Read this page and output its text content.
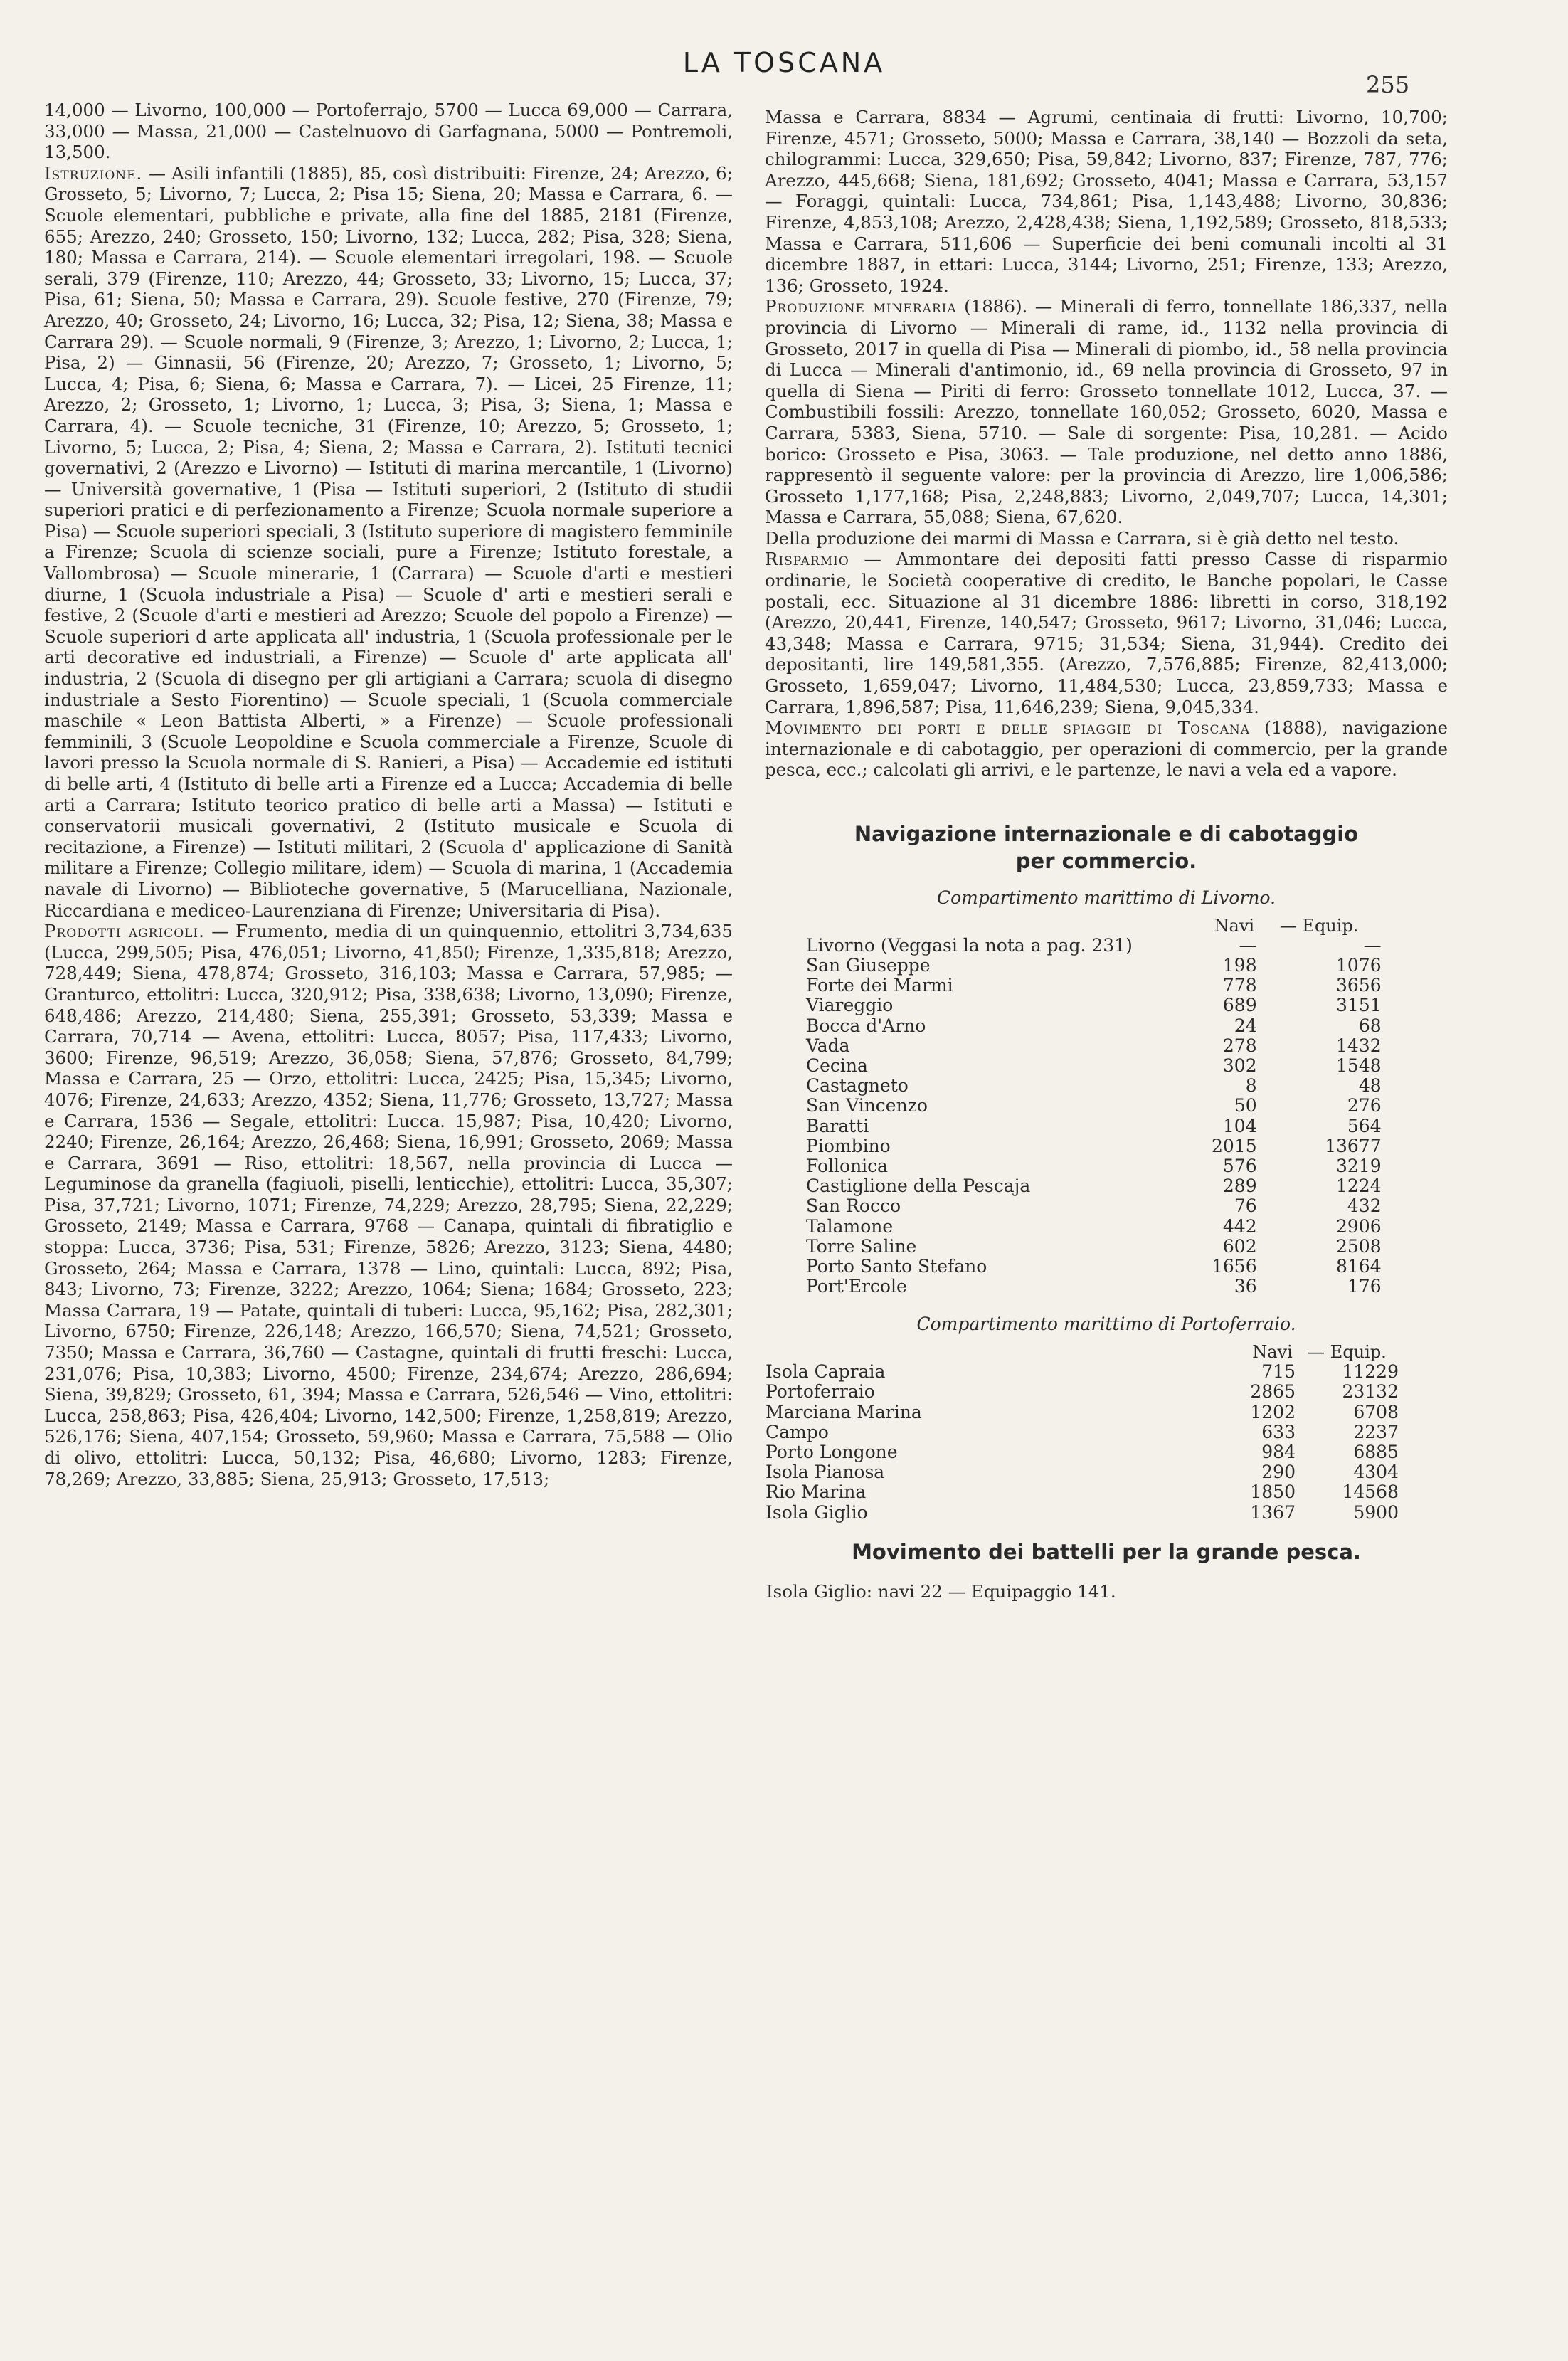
LA TOSCANA
255

14,000 — Livorno, 100,000 — Portoferrajo, 5700 — Lucca 69,000 — Carrara, 33,000 — Massa, 21,000 — Castelnuovo di Garfagnana, 5000 — Pontremoli, 13,500.

Istruzione. — Asili infantili (1885), 85, così distribuiti: Firenze, 24; Arezzo, 6; Grosseto, 5; Livorno, 7; Lucca, 2; Pisa 15; Siena, 20; Massa e Carrara, 6. — Scuole elementari, pubbliche e private, alla fine del 1885, 2181 (Firenze, 655; Arezzo, 240; Grosseto, 150; Livorno, 132; Lucca, 282; Pisa, 328; Siena, 180; Massa e Carrara, 214). — Scuole elementari irregolari, 198. — Scuole serali, 379 (Firenze, 110; Arezzo, 44; Grosseto, 33; Livorno, 15; Lucca, 37; Pisa, 61; Siena, 50; Massa e Carrara, 29). Scuole festive, 270 (Firenze, 79; Arezzo, 40; Grosseto, 24; Livorno, 16; Lucca, 32; Pisa, 12; Siena, 38; Massa e Carrara 29). — Scuole normali, 9 (Firenze, 3; Arezzo, 1; Livorno, 2; Lucca, 1; Pisa, 2) — Ginnasii, 56 (Firenze, 20; Arezzo, 7; Grosseto, 1; Livorno, 5; Lucca, 4; Pisa, 6; Siena, 6; Massa e Carrara, 7). — Licei, 25 Firenze, 11; Arezzo, 2; Grosseto, 1; Livorno, 1; Lucca, 3; Pisa, 3; Siena, 1; Massa e Carrara, 4). — Scuole tecniche, 31 (Firenze, 10; Arezzo, 5; Grosseto, 1; Livorno, 5; Lucca, 2; Pisa, 4; Siena, 2; Massa e Carrara, 2). Istituti tecnici governativi, 2 (Arezzo e Livorno) — Istituti di marina mercantile, 1 (Livorno) — Università governative, 1 (Pisa — Istituti superiori, 2 (Istituto di studii superiori pratici e di perfezionamento a Firenze; Scuola normale superiore a Pisa) — Scuole superiori speciali, 3 (Istituto superiore di magistero femminile a Firenze; Scuola di scienze sociali, pure a Firenze; Istituto forestale, a Vallombrosa) — Scuole minerarie, 1 (Carrara) — Scuole d'arti e mestieri diurne, 1 (Scuola industriale a Pisa) — Scuole d' arti e mestieri serali e festive, 2 (Scuole d'arti e mestieri ad Arezzo; Scuole del popolo a Firenze) — Scuole superiori d arte applicata all' industria, 1 (Scuola professionale per le arti decorative ed industriali, a Firenze) — Scuole d' arte applicata all' industria, 2 (Scuola di disegno per gli artigiani a Carrara; scuola di disegno industriale a Sesto Fiorentino) — Scuole speciali, 1 (Scuola commerciale maschile « Leon Battista Alberti, » a Firenze) — Scuole professionali femminili, 3 (Scuole Leopoldine e Scuola commerciale a Firenze, Scuole di lavori presso la Scuola normale di S. Ranieri, a Pisa) — Accademie ed istituti di belle arti, 4 (Istituto di belle arti a Firenze ed a Lucca; Accademia di belle arti a Carrara; Istituto teorico pratico di belle arti a Massa) — Istituti e conservatorii musicali governativi, 2 (Istituto musicale e Scuola di recitazione, a Firenze) — Istituti militari, 2 (Scuola d' applicazione di Sanità militare a Firenze; Collegio militare, idem) — Scuola di marina, 1 (Accademia navale di Livorno) — Biblioteche governative, 5 (Marucelliana, Nazionale, Riccardiana e mediceo-Laurenziana di Firenze; Universitaria di Pisa).

Prodotti agricoli. — Frumento, media di un quinquennio, ettolitri 3,734,635 (Lucca, 299,505; Pisa, 476,051; Livorno, 41,850; Firenze, 1,335,818; Arezzo, 728,449; Siena, 478,874; Grosseto, 316,103; Massa e Carrara, 57,985; — Granturco, ettolitri: Lucca, 320,912; Pisa, 338,638; Livorno, 13,090; Firenze, 648,486; Arezzo, 214,480; Siena, 255,391; Grosseto, 53,339; Massa e Carrara, 70,714 — Avena, ettolitri: Lucca, 8057; Pisa, 117,433; Livorno, 3600; Firenze, 96,519; Arezzo, 36,058; Siena, 57,876; Grosseto, 84,799; Massa e Carrara, 25 — Orzo, ettolitri: Lucca, 2425; Pisa, 15,345; Livorno, 4076; Firenze, 24,633; Arezzo, 4352; Siena, 11,776; Grosseto, 13,727; Massa e Carrara, 1536 — Segale, ettolitri: Lucca. 15,987; Pisa, 10,420; Livorno, 2240; Firenze, 26,164; Arezzo, 26,468; Siena, 16,991; Grosseto, 2069; Massa e Carrara, 3691 — Riso, ettolitri: 18,567, nella provincia di Lucca — Leguminose da granella (fagiuoli, piselli, lenticchie), ettolitri: Lucca, 35,307; Pisa, 37,721; Livorno, 1071; Firenze, 74,229; Arezzo, 28,795; Siena, 22,229; Grosseto, 2149; Massa e Carrara, 9768 — Canapa, quintali di fibratiglio e stoppa: Lucca, 3736; Pisa, 531; Firenze, 5826; Arezzo, 3123; Siena, 4480; Grosseto, 264; Massa e Carrara, 1378 — Lino, quintali: Lucca, 892; Pisa, 843; Livorno, 73; Firenze, 3222; Arezzo, 1064; Siena; 1684; Grosseto, 223; Massa Carrara, 19 — Patate, quintali di tuberi: Lucca, 95,162; Pisa, 282,301; Livorno, 6750; Firenze, 226,148; Arezzo, 166,570; Siena, 74,521; Grosseto, 7350; Massa e Carrara, 36,760 — Castagne, quintali di frutti freschi: Lucca, 231,076; Pisa, 10,383; Livorno, 4500; Firenze, 234,674; Arezzo, 286,694; Siena, 39,829; Grosseto, 61, 394; Massa e Carrara, 526,546 — Vino, ettolitri: Lucca, 258,863; Pisa, 426,404; Livorno, 142,500; Firenze, 1,258,819; Arezzo, 526,176; Siena, 407,154; Grosseto, 59,960; Massa e Carrara, 75,588 — Olio di olivo, ettolitri: Lucca, 50,132; Pisa, 46,680; Livorno, 1283; Firenze, 78,269; Arezzo, 33,885; Siena, 25,913; Grosseto, 17,513;

Massa e Carrara, 8834 — Agrumi, centinaia di frutti: Livorno, 10,700; Firenze, 4571; Grosseto, 5000; Massa e Carrara, 38,140 — Bozzoli da seta, chilogrammi: Lucca, 329,650; Pisa, 59,842; Livorno, 837; Firenze, 787, 776; Arezzo, 445,668; Siena, 181,692; Grosseto, 4041; Massa e Carrara, 53,157 — Foraggi, quintali: Lucca, 734,861; Pisa, 1,143,488; Livorno, 30,836; Firenze, 4,853,108; Arezzo, 2,428,438; Siena, 1,192,589; Grosseto, 818,533; Massa e Carrara, 511,606 — Superficie dei beni comunali incolti al 31 dicembre 1887, in ettari: Lucca, 3144; Livorno, 251; Firenze, 133; Arezzo, 136; Grosseto, 1924.

Produzione mineraria (1886). — Minerali di ferro, tonnellate 186,337, nella provincia di Livorno — Minerali di rame, id., 1132 nella provincia di Grosseto, 2017 in quella di Pisa — Minerali di piombo, id., 58 nella provincia di Lucca — Minerali d'antimonio, id., 69 nella provincia di Grosseto, 97 in quella di Siena — Piriti di ferro: Grosseto tonnellate 1012, Lucca, 37. — Combustibili fossili: Arezzo, tonnellate 160,052; Grosseto, 6020, Massa e Carrara, 5383, Siena, 5710. — Sale di sorgente: Pisa, 10,281. — Acido borico: Grosseto e Pisa, 3063. — Tale produzione, nel detto anno 1886, rappresentò il seguente valore: per la provincia di Arezzo, lire 1,006,586; Grosseto 1,177,168; Pisa, 2,248,883; Livorno, 2,049,707; Lucca, 14,301; Massa e Carrara, 55,088; Siena, 67,620.

Della produzione dei marmi di Massa e Carrara, si è già detto nel testo.

Risparmio — Ammontare dei depositi fatti presso Casse di risparmio ordinarie, le Società cooperative di credito, le Banche popolari, le Casse postali, ecc. Situazione al 31 dicembre 1886: libretti in corso, 318,192 (Arezzo, 20,441, Firenze, 140,547; Grosseto, 9617; Livorno, 31,046; Lucca, 43,348; Massa e Carrara, 9715; 31,534; Siena, 31,944). Credito dei depositanti, lire 149,581,355. (Arezzo, 7,576,885; Firenze, 82,413,000; Grosseto, 1,659,047; Livorno, 11,484,530; Lucca, 23,859,733; Massa e Carrara, 1,896,587; Pisa, 11,646,239; Siena, 9,045,334.

Movimento dei porti e delle spiaggie di Toscana (1888), navigazione internazionale e di cabotaggio, per operazioni di commercio, per la grande pesca, ecc.; calcolati gli arrivi, e le partenze, le navi a vela ed a vapore.

Navigazione internazionale e di cabotaggio
per commercio.
Compartimento marittimo di Livorno.
	Navi	— Equip.
Livorno (Veggasi la nota a pag. 231)	—	—
San Giuseppe	198	1076
Forte dei Marmi	778	3656
Viareggio	689	3151
Bocca d'Arno	24	68
Vada	278	1432
Cecina	302	1548
Castagneto	8	48
San Vincenzo	50	276
Baratti	104	564
Piombino	2015	13677
Follonica	576	3219
Castiglione della Pescaja	289	1224
San Rocco	76	432
Talamone	442	2906
Torre Saline	602	2508
Porto Santo Stefano	1656	8164
Port'Ercole	36	176
Compartimento marittimo di Portoferraio.
	Navi	— Equip.
Isola Capraia	715	11229
Portoferraio	2865	23132
Marciana Marina	1202	6708
Campo	633	2237
Porto Longone	984	6885
Isola Pianosa	290	4304
Rio Marina	1850	14568
Isola Giglio	1367	5900
Movimento dei battelli per la grande pesca.
Isola Giglio: navi 22 — Equipaggio 141.
